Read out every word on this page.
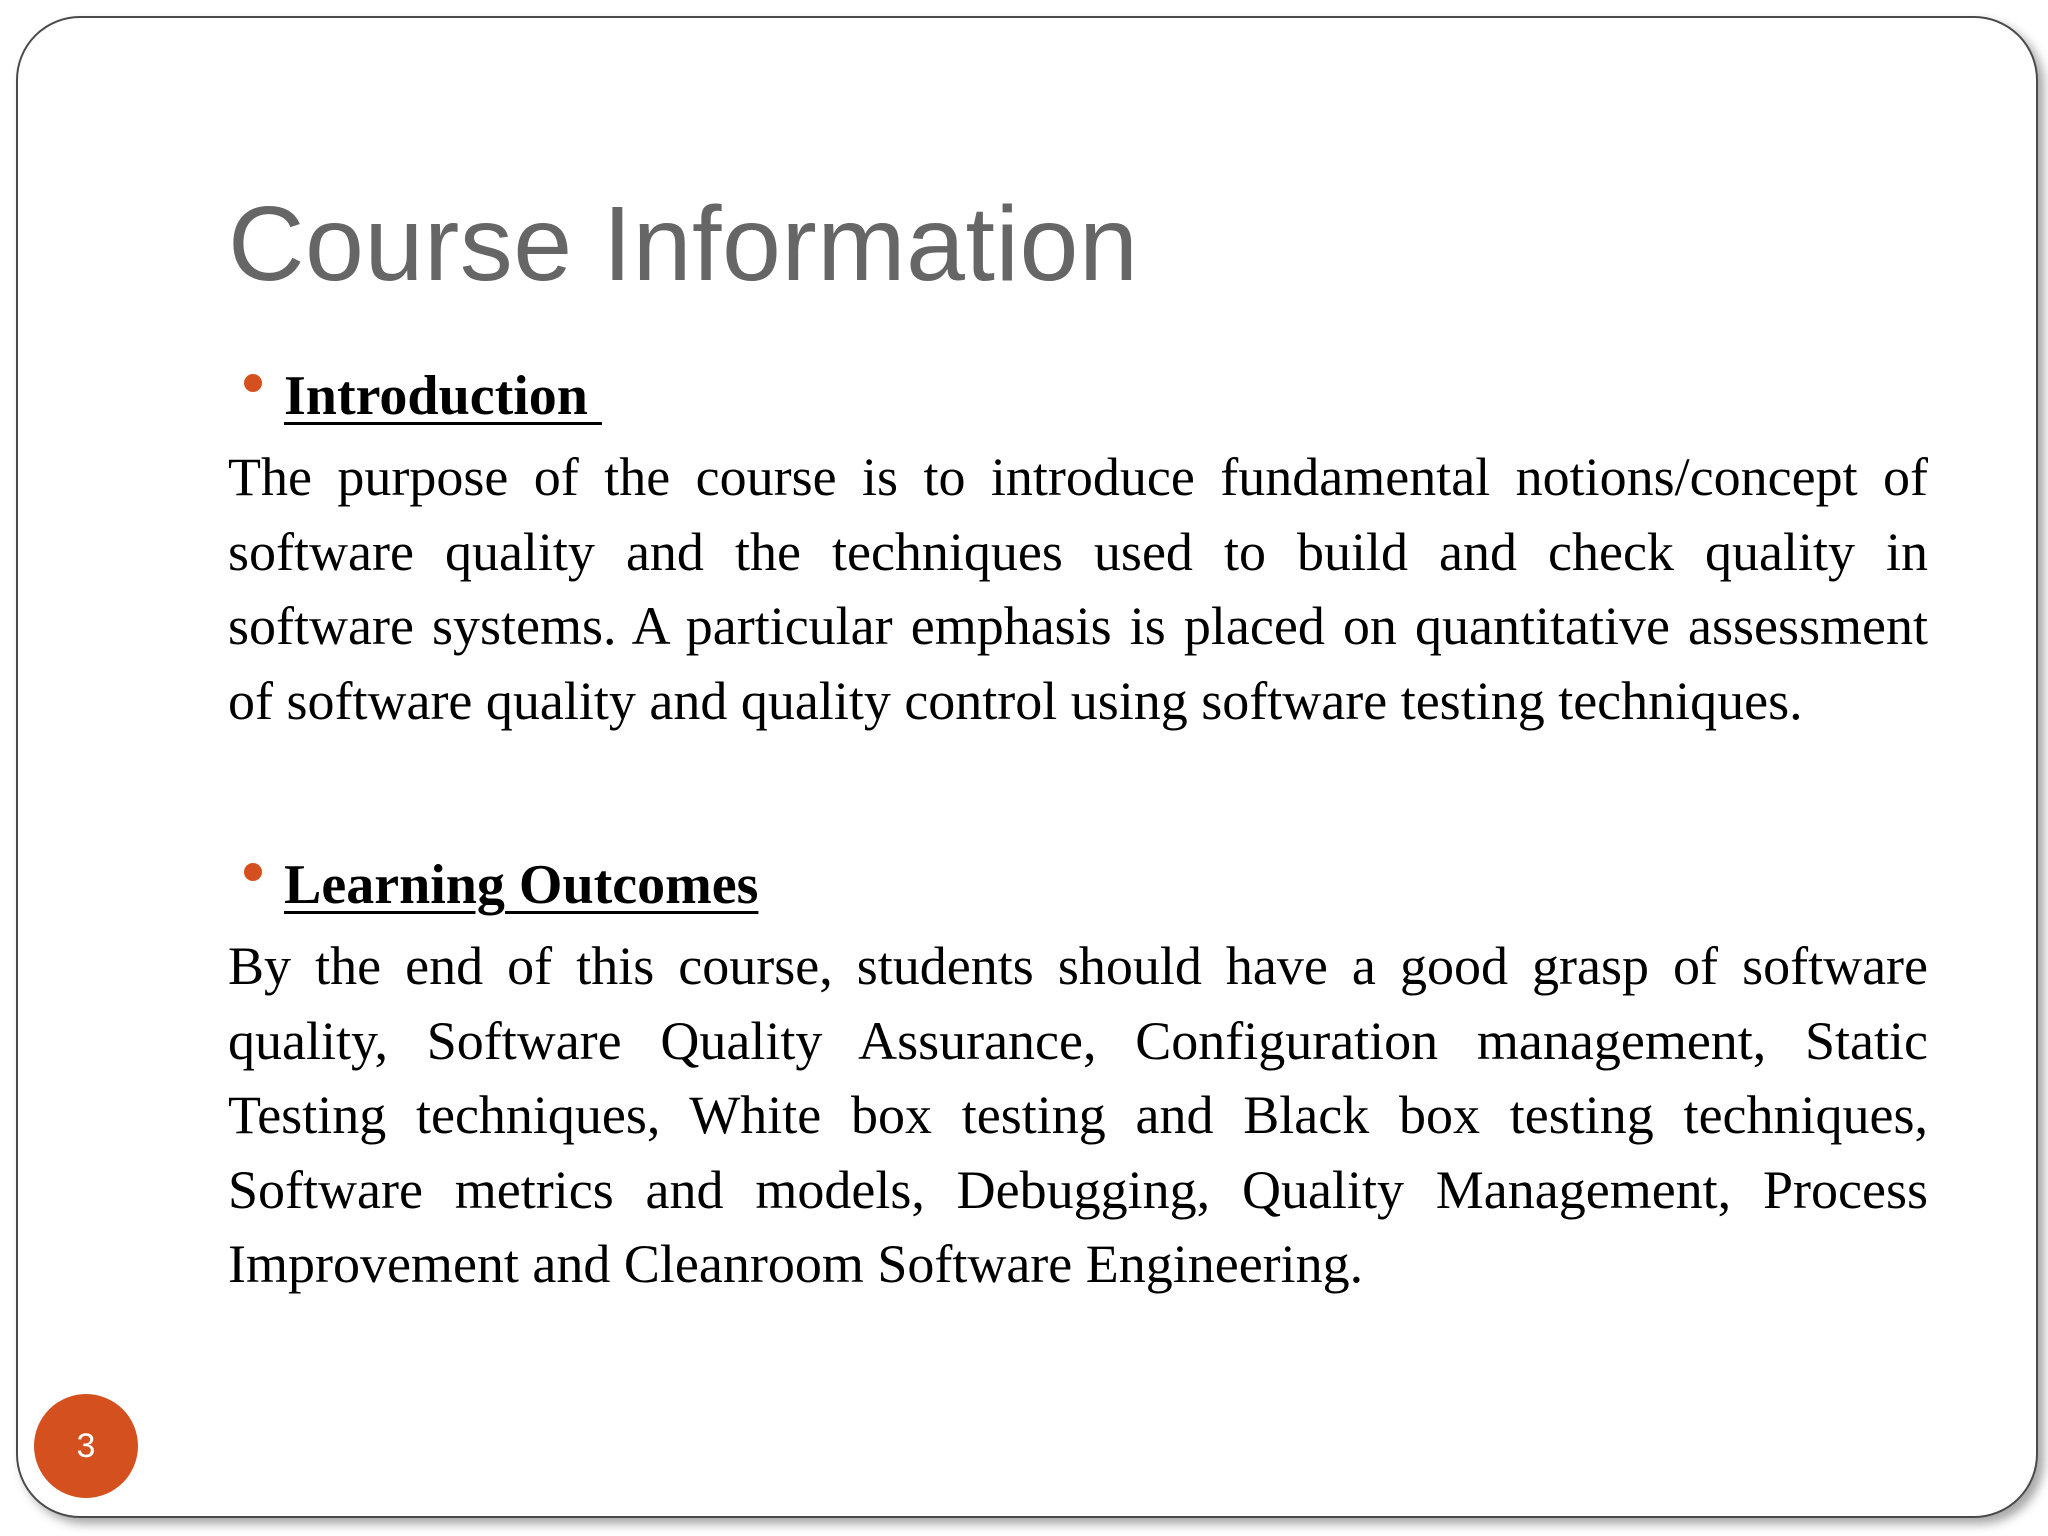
Course Information
Introduction

The purpose of the course is to introduce fundamental notions/concept of software quality and the techniques used to build and check quality in software systems. A particular emphasis is placed on quantitative assessment of software quality and quality control using software testing techniques.

Learning Outcomes

By the end of this course, students should have a good grasp of software quality, Software Quality Assurance, Configuration management, Static Testing techniques, White box testing and Black box testing techniques, Software metrics and models, Debugging, Quality Management, Process Improvement and Cleanroom Software Engineering.

3
